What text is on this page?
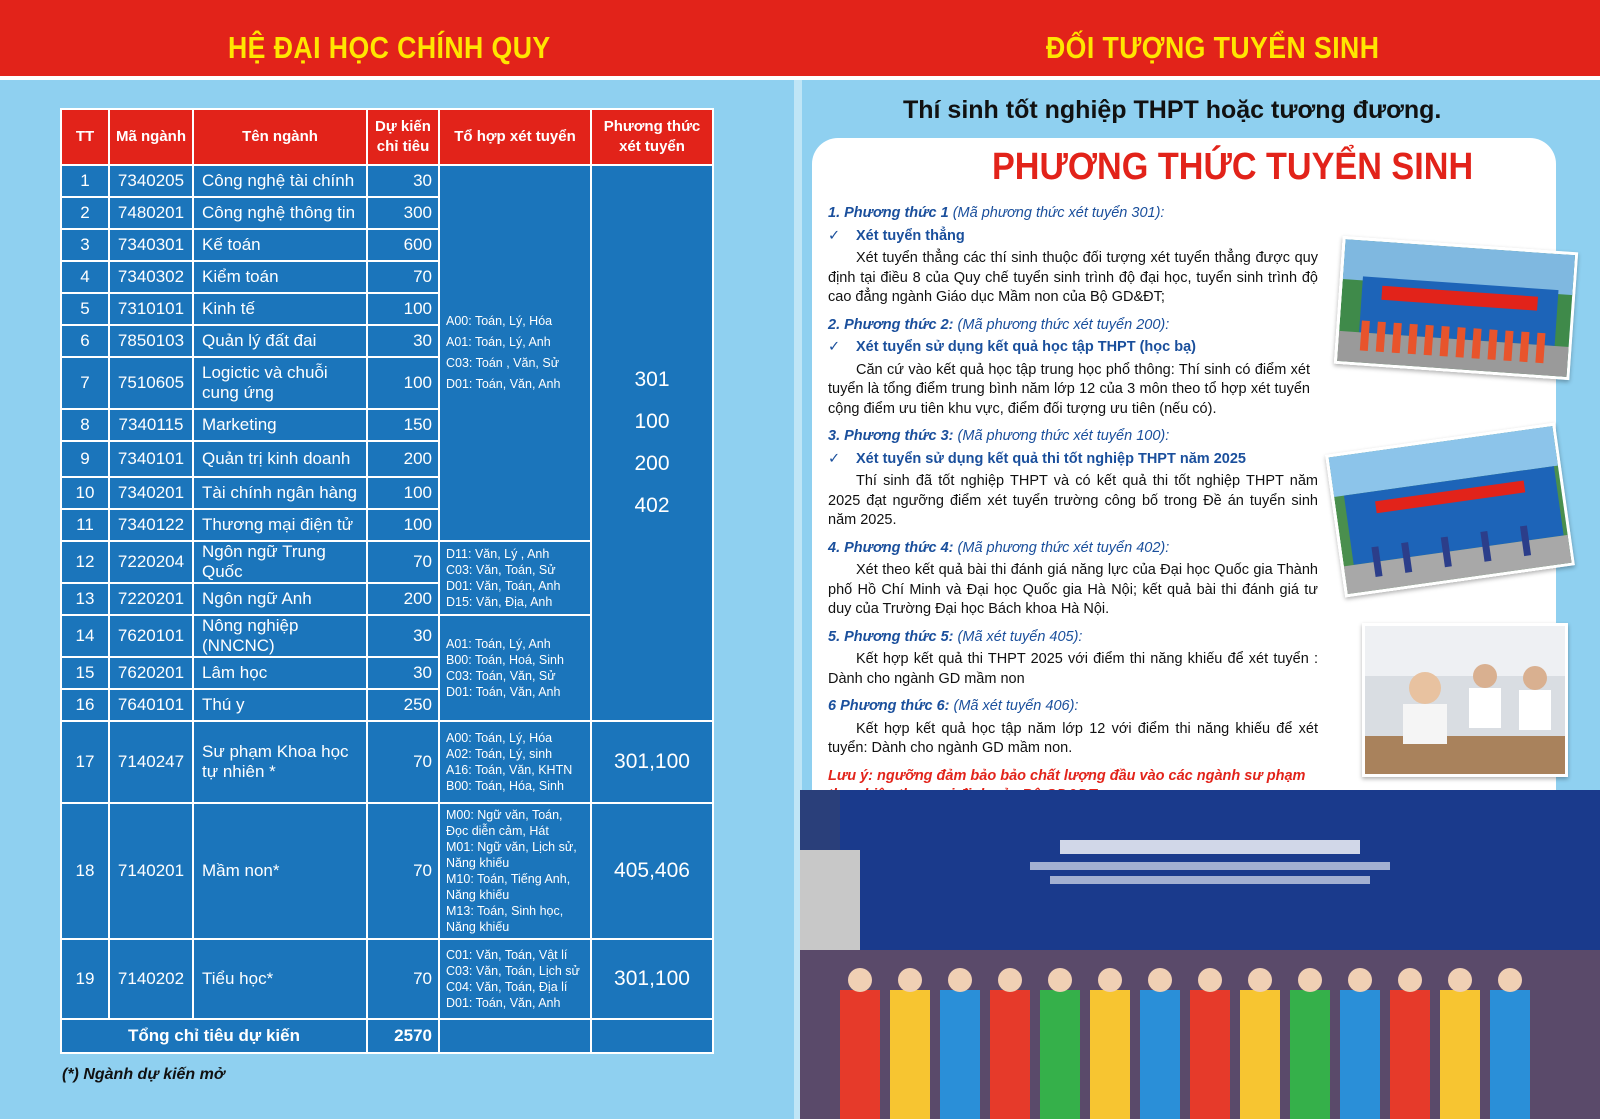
HỆ ĐẠI HỌC CHÍNH QUY	ĐỐI TƯỢNG TUYỂN SINH
TT	Mã ngành	Tên ngành	Dự kiến chỉ tiêu	Tổ hợp xét tuyển	Phương thức xét tuyển
1	7340205	Công nghệ tài chính	30	A00: Toán, Lý, Hóa
A01: Toán, Lý, Anh
C03: Toán , Văn, Sử
D01: Toán, Văn, Anh	301
100
200
402

2	7480201	Công nghệ thông tin	300		
3	7340301	Kế toán	600		
4	7340302	Kiểm toán	70		
5	7310101	Kinh tế	100		
6	7850103	Quản lý đất đai	30		
7	7510605	Logictic và chuỗi cung ứng	100		
8	7340115	Marketing	150		
9	7340101	Quản trị kinh doanh	200		
10	7340201	Tài chính ngân hàng	100		
11	7340122	Thương mại điện tử	100		
12	7220204	Ngôn ngữ Trung Quốc	70	D11: Văn, Lý , Anh
C03: Văn, Toán, Sử
D01: Văn, Toán, Anh
D15: Văn, Địa, Anh	

13	7220201	Ngôn ngữ Anh	200		
14	7620101	Nông nghiệp (NNCNC)	30	A01: Toán, Lý, Anh
B00: Toán, Hoá, Sinh
C03: Toán, Văn, Sử
D01: Toán, Văn, Anh	

15	7620201	Lâm học	30		
16	7640101	Thú y	250		
17	7140247	Sư phạm Khoa học tự nhiên *	70	A00: Toán, Lý, Hóa
A02: Toán, Lý, sinh
A16: Toán, Văn, KHTN
B00: Toán, Hóa, Sinh	301,100
18	7140201	Mầm non*	70	M00: Ngữ văn, Toán, Đọc diễn cảm, Hát
M01: Ngữ văn, Lịch sử, Năng khiếu
M10: Toán, Tiếng Anh, Năng khiếu
M13: Toán, Sinh học, Năng khiếu	405,406
19	7140202	Tiểu học*	70	C01: Văn, Toán, Vật lí
C03: Văn, Toán, Lịch sử
C04: Văn, Toán, Địa lí
D01: Toán, Văn, Anh	301,100
Tổng chỉ tiêu dự kiến			2570		
(*) Ngành dự kiến mở
Thí sinh tốt nghiệp THPT hoặc tương đương.
PHƯƠNG THỨC TUYỂN SINH
1. Phương thức 1 (Mã phương thức xét tuyển 301):
✓ Xét tuyển thẳng
Xét tuyển thẳng các thí sinh thuộc đối tượng xét tuyển thẳng được quy định tại điều 8 của Quy chế tuyển sinh trình độ đại học, tuyển sinh trình độ cao đẳng ngành Giáo dục Mầm non của Bộ GD&ĐT;
2. Phương thức 2: (Mã phương thức xét tuyển 200):
✓ Xét tuyển sử dụng kết quả học tập THPT (học bạ)
Căn cứ vào kết quả học tập trung học phổ thông: Thí sinh có điểm xét tuyển là tổng điểm trung bình năm lớp 12 của 3 môn theo tổ hợp xét tuyển cộng điểm ưu tiên khu vực, điểm đối tượng ưu tiên (nếu có).
3. Phương thức 3: (Mã phương thức xét tuyển 100):
✓ Xét tuyển sử dụng kết quả thi tốt nghiệp THPT năm 2025
Thí sinh đã tốt nghiệp THPT và có kết quả thi tốt nghiệp THPT năm 2025 đạt ngưỡng điểm xét tuyển trường công bố trong Đề án tuyển sinh năm 2025.
4. Phương thức 4: (Mã phương thức xét tuyển 402):
Xét theo kết quả bài thi đánh giá năng lực của Đại học Quốc gia Thành phố Hồ Chí Minh và Đại học Quốc gia Hà Nội; kết quả bài thi đánh giá tư duy của Trường Đại học Bách khoa Hà Nội.
5. Phương thức 5: (Mã xét tuyển 405):
Kết hợp kết quả thi THPT 2025 với điểm thi năng khiếu để xét tuyển : Dành cho ngành GD mầm non
6 Phương thức 6: (Mã xét tuyển 406):
Kết hợp kết quả học tập năm lớp 12 với điểm thi năng khiếu để xét tuyển: Dành cho ngành GD mầm non.
Lưu ý: ngưỡng đảm bảo bảo chất lượng đầu vào các ngành sư phạm
